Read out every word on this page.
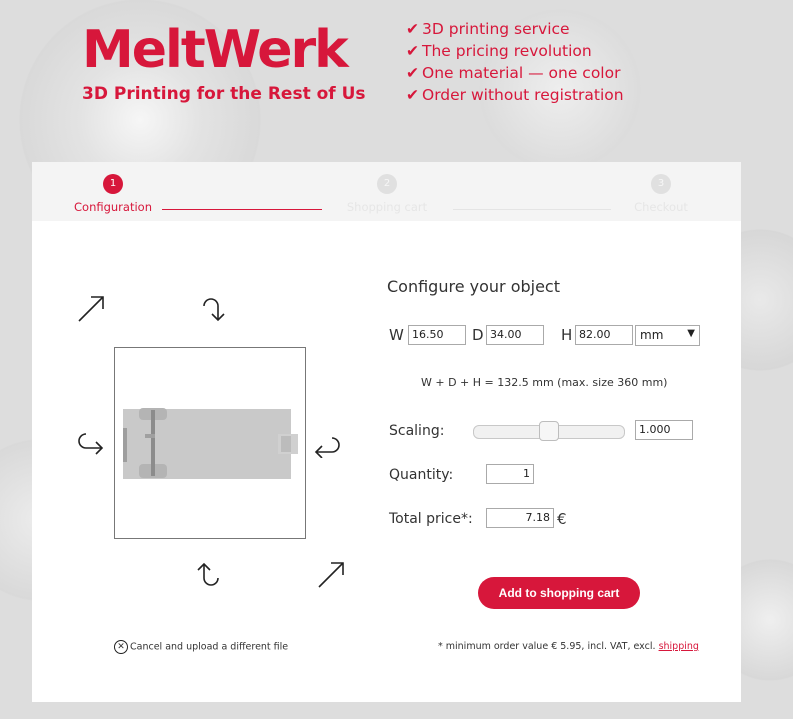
MeltWerk
3D Printing for the Rest of Us
✔ 3D printing service
✔ The pricing revolution
✔ One material — one color
✔ Order without registration
1
Configuration
2
Shopping cart
3
Checkout
Configure your object
W 16.50	D 34.00	H 82.00	mm ▼
W + D + H = 132.5 mm (max. size 360 mm)
Scaling:	1.000
Quantity:	1
Total price*:	7.18 €
Add to shopping cart
✕ Cancel and upload a different file	* minimum order value € 5.95, incl. VAT, excl. shipping
